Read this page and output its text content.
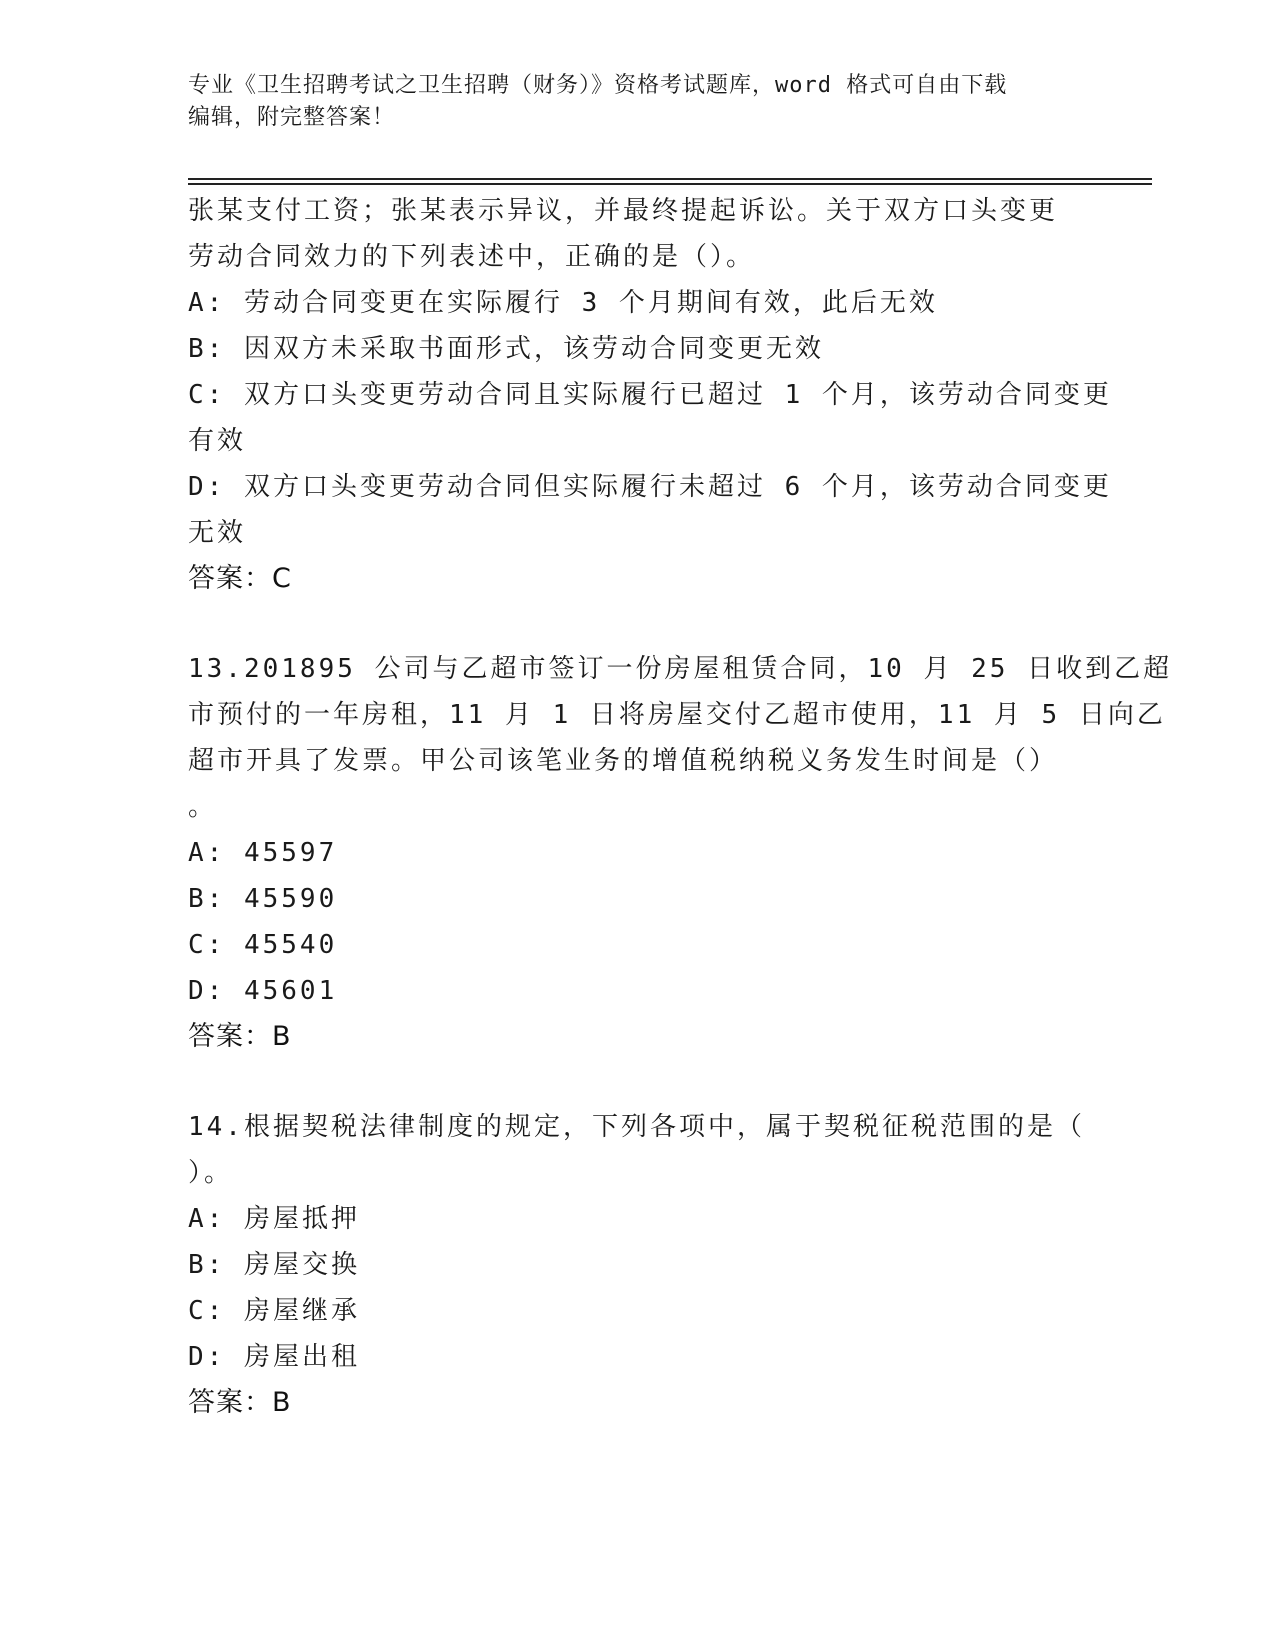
专业《卫生招聘考试之卫生招聘（财务）》资格考试题库，word 格式可自由下载
编辑，附完整答案！
张某支付工资；张某表示异议，并最终提起诉讼。关于双方口头变更
劳动合同效力的下列表述中，正确的是（）。
A: 劳动合同变更在实际履行 3 个月期间有效，此后无效
B: 因双方未采取书面形式，该劳动合同变更无效
C: 双方口头变更劳动合同且实际履行已超过 1 个月，该劳动合同变更
有效
D: 双方口头变更劳动合同但实际履行未超过 6 个月，该劳动合同变更
无效
答案：C
13.201895 公司与乙超市签订一份房屋租赁合同，10 月 25 日收到乙超
市预付的一年房租，11 月 1 日将房屋交付乙超市使用，11 月 5 日向乙
超市开具了发票。甲公司该笔业务的增值税纳税义务发生时间是（）
。
A: 45597
B: 45590
C: 45540
D: 45601
答案：B
14.根据契税法律制度的规定，下列各项中，属于契税征税范围的是（
）。
A: 房屋抵押
B: 房屋交换
C: 房屋继承
D: 房屋出租
答案：B
